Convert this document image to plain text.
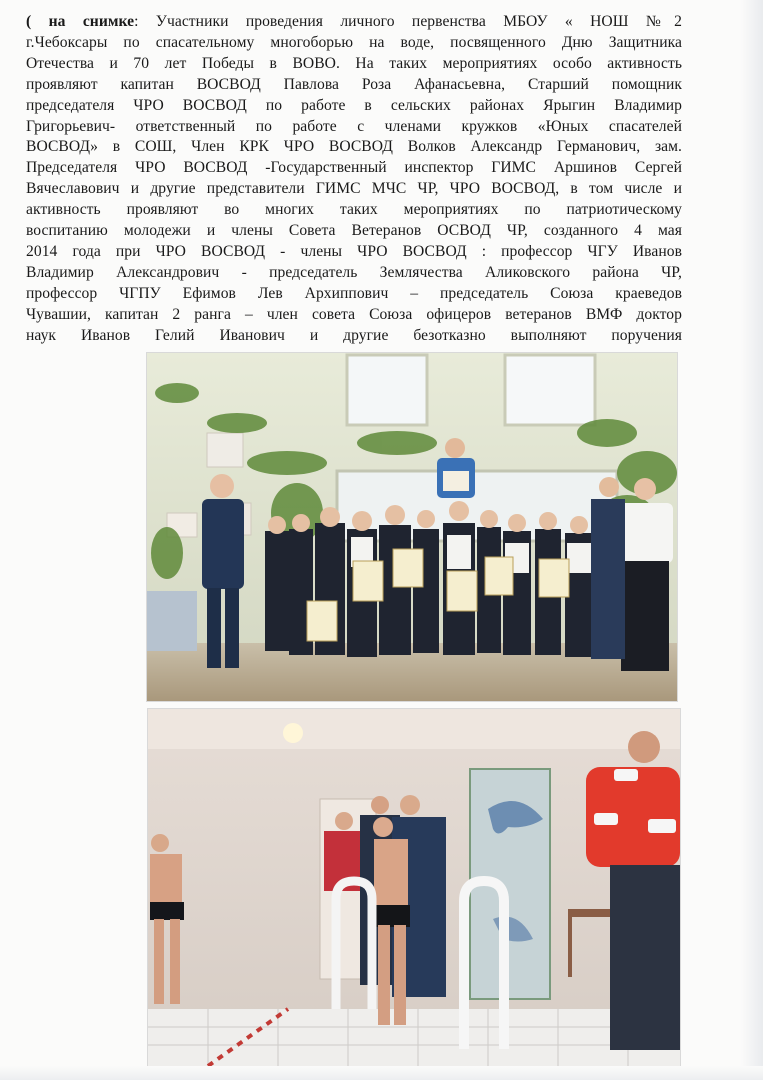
( на снимке: Участники проведения личного первенства МБОУ « НОШ №2
г.Чебоксары по спасательному многоборью на воде, посвященного Дню Защитника
Отечества и 70 лет Победы в ВОВО. На таких мероприятиях особо активность
проявляют капитан ВОСВОД Павлова Роза Афанасьевна, Старший помощник
председателя ЧРО ВОСВОД по работе в сельских районах Ярыгин Владимир
Григорьевич- ответственный по работе с членами кружков «Юных спасателей
ВОСВОД» в СОШ, Член КРК ЧРО ВОСВОД Волков Александр Германович, зам.
Председателя ЧРО ВОСВОД -Государственный инспектор ГИМС Аршинов Сергей
Вячеславович и другие представители ГИМС МЧС ЧР, ЧРО ВОСВОД, в том числе и
активность проявляют во многих таких мероприятиях по патриотическому
воспитанию молодежи и члены Совета Ветеранов ОСВОД ЧР, созданного 4 мая
2014 года при ЧРО ВОСВОД - члены ЧРО ВОСВОД : профессор ЧГУ Иванов
Владимир Александрович - председатель Землячества Аликовского района ЧР,
профессор ЧГПУ Ефимов Лев Архиппович – председатель Союза краеведов
Чувашии, капитан 2 ранга – член совета Союза офицеров ветеранов ВМФ доктор
наук Иванов Гелий Иванович и другие безотказно выполняют поручения
